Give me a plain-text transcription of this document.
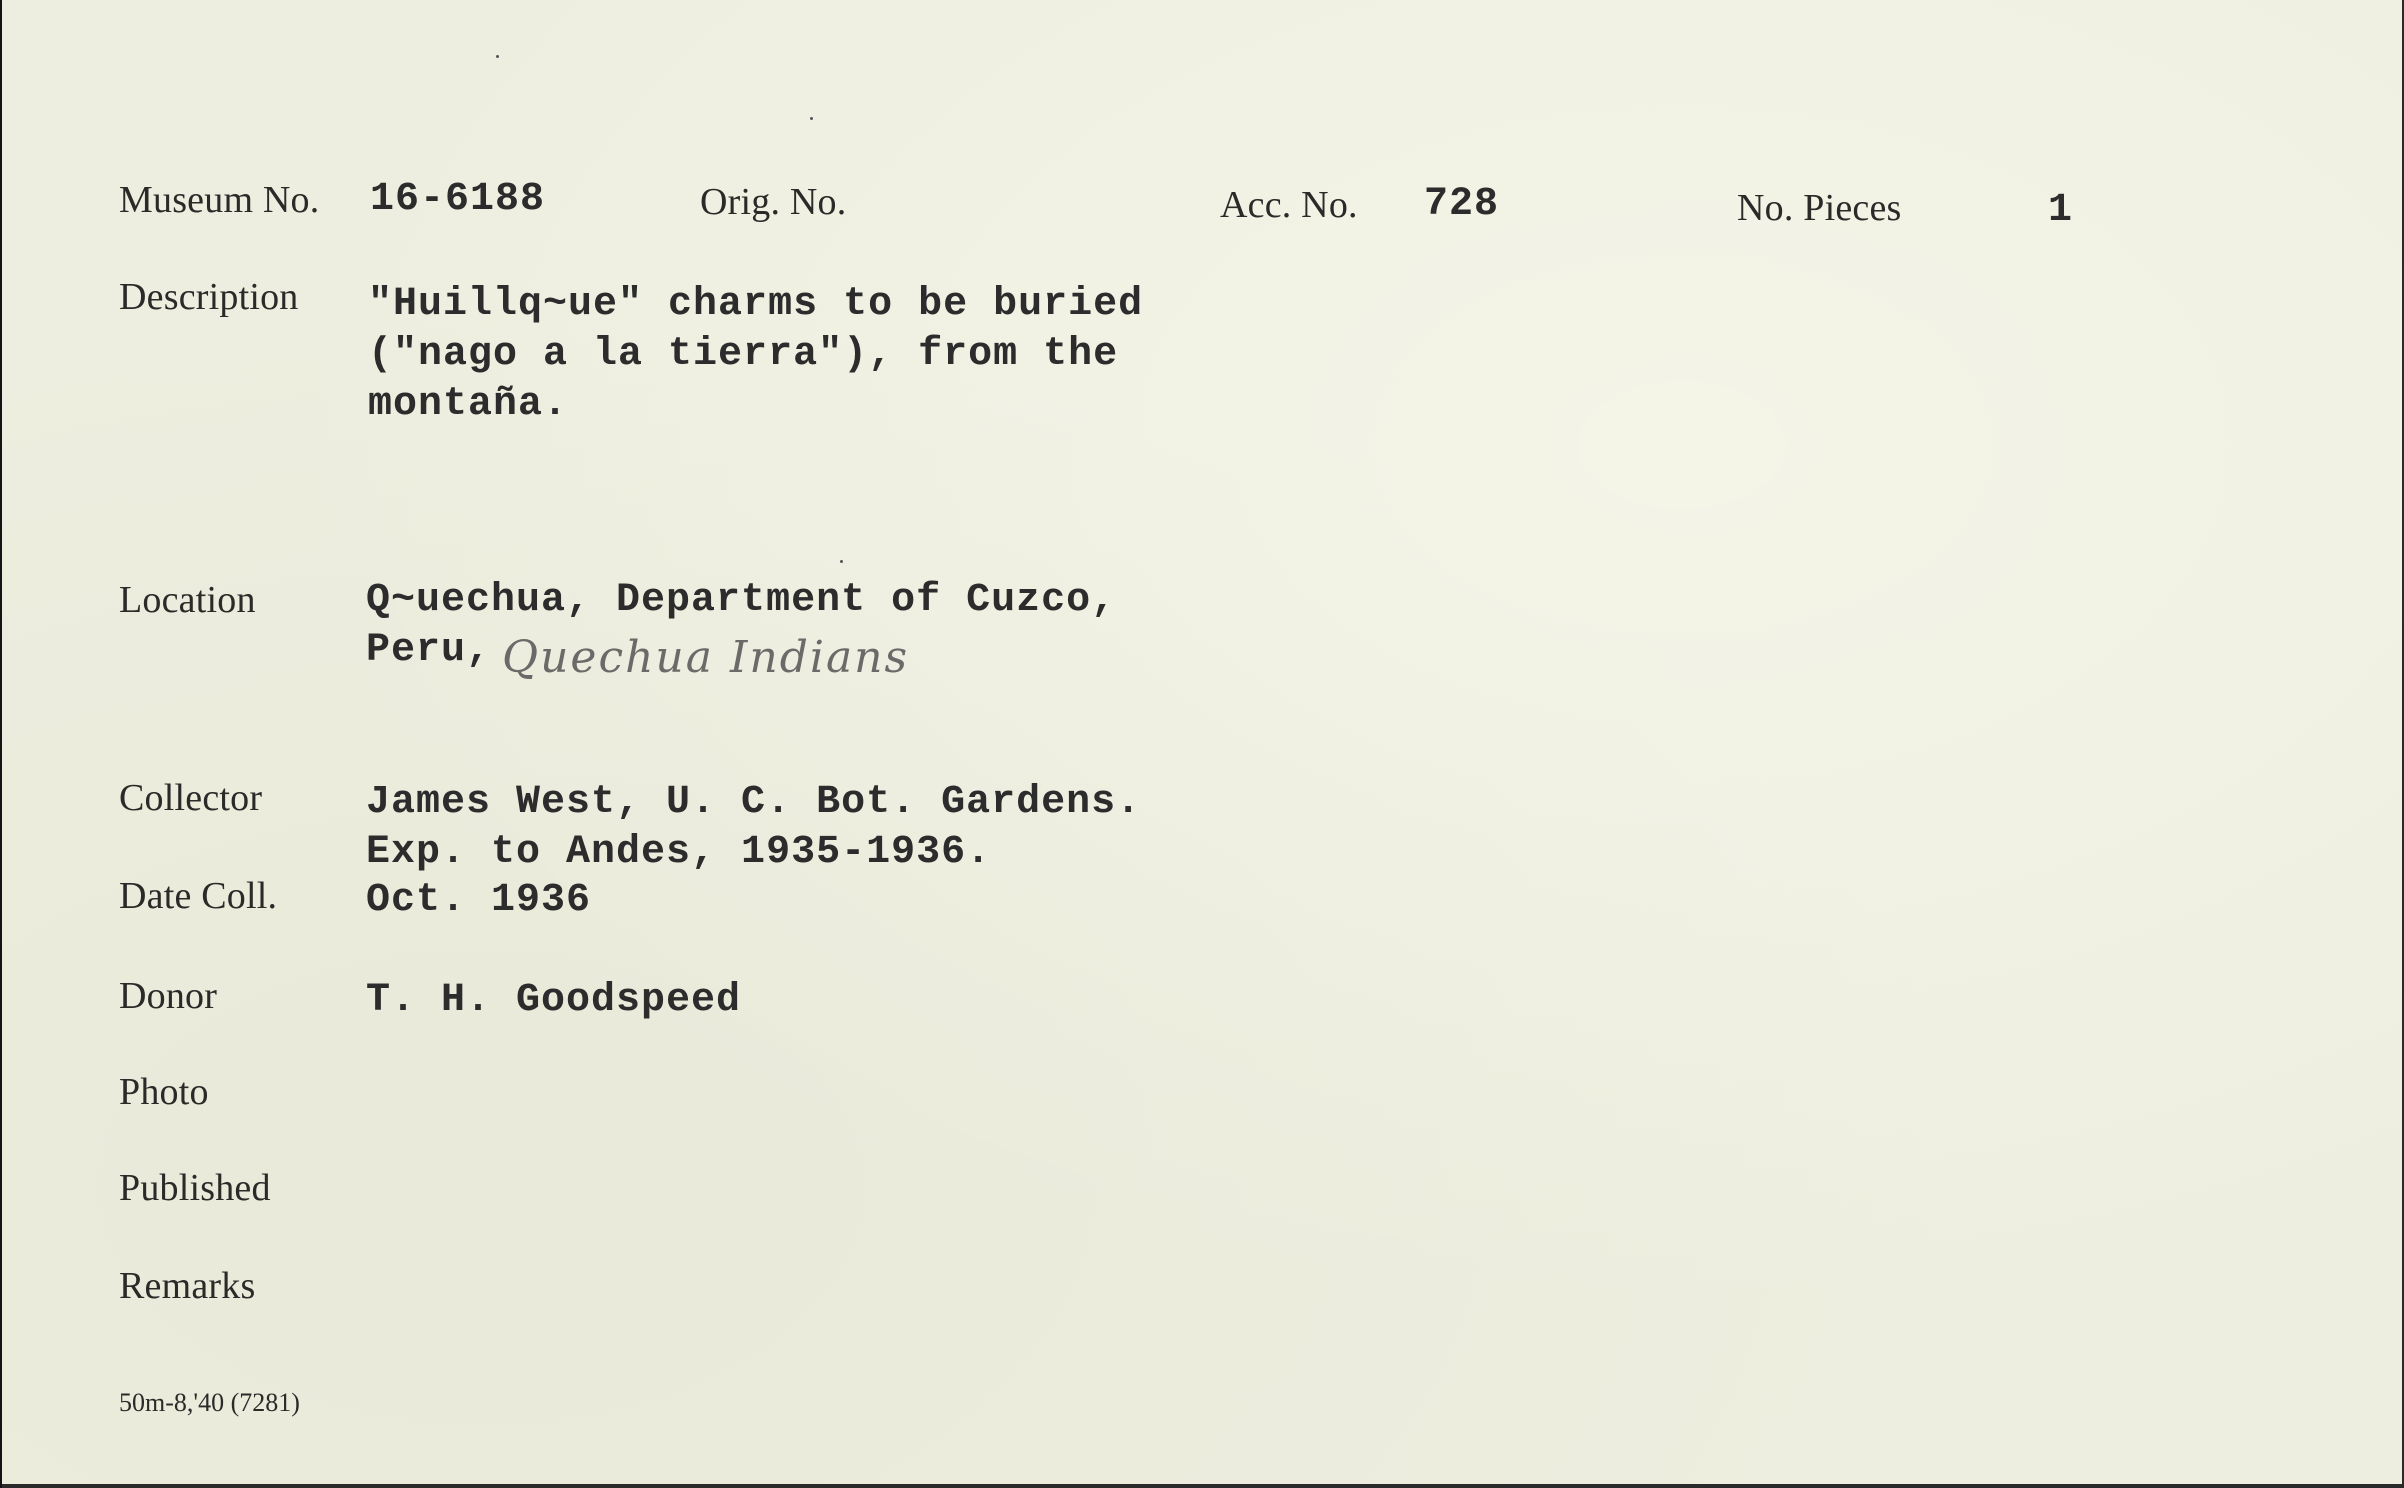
Museum No. 16-6188	Orig. No.	Acc. No. 728	No. Pieces	1
Description "Huillq~ue" charms to be buried
("nago a la tierra"), from the
montaña.
Location	Q~uechua, Department of Cuzco,
Peru, Quechua Indians
Collector	James West, U. C. Bot. Gardens.
Exp. to Andes, 1935-1936.
Date Coll. Oct. 1936
Donor	T. H. Goodspeed
Photo
Published
Remarks
50m-8,'40 (7281)
